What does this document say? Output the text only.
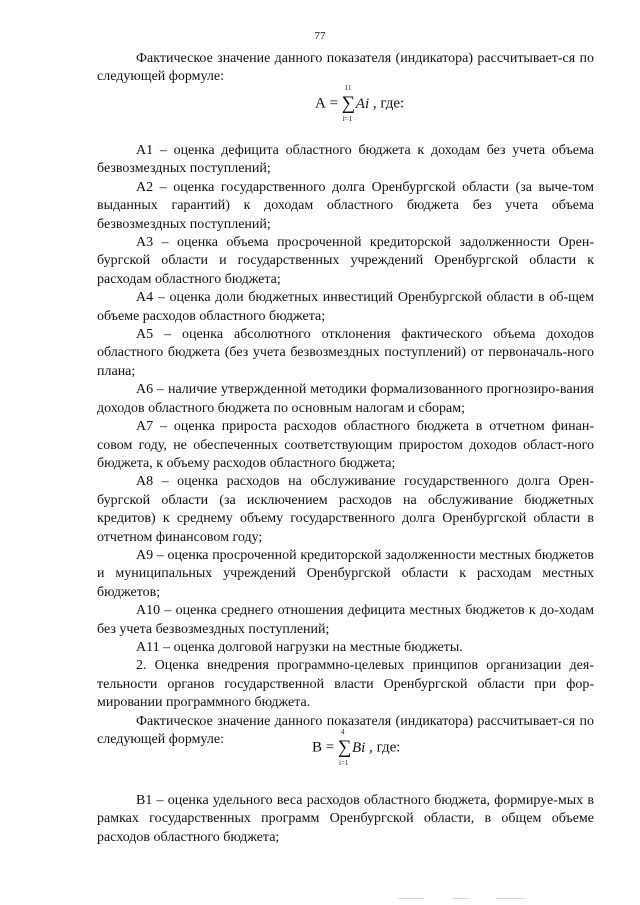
77

Фактическое значение данного показателя (индикатора) рассчитывает-ся по следующей формуле:

А =
11
∑
i=1
Ai , где:

А1 – оценка дефицита областного бюджета к доходам без учета объема безвозмездных поступлений;

А2 – оценка государственного долга Оренбургской области (за выче-том выданных гарантий) к доходам областного бюджета без учета объема безвозмездных поступлений;

А3 – оценка объема просроченной кредиторской задолженности Орен-бургской области и государственных учреждений Оренбургской области к расходам областного бюджета;

А4 – оценка доли бюджетных инвестиций Оренбургской области в об-щем объеме расходов областного бюджета;

А5 – оценка абсолютного отклонения фактического объема доходов областного бюджета (без учета безвозмездных поступлений) от первоначаль-ного плана;

А6 – наличие утвержденной методики формализованного прогнозиро-вания доходов областного бюджета по основным налогам и сборам;

А7 – оценка прироста расходов областного бюджета в отчетном финан-совом году, не обеспеченных соответствующим приростом доходов област-ного бюджета, к объему расходов областного бюджета;

А8 – оценка расходов на обслуживание государственного долга Орен-бургской области (за исключением расходов на обслуживание бюджетных кредитов) к среднему объему государственного долга Оренбургской области в отчетном финансовом году;

А9 – оценка просроченной кредиторской задолженности местных бюджетов и муниципальных учреждений Оренбургской области к расходам местных бюджетов;

А10 – оценка среднего отношения дефицита местных бюджетов к до-ходам без учета безвозмездных поступлений;

А11 – оценка долговой нагрузки на местные бюджеты.

2. Оценка внедрения программно-целевых принципов организации дея-тельности органов государственной власти Оренбургской области при фор-мировании программного бюджета.

Фактическое значение данного показателя (индикатора) рассчитывает-ся по следующей формуле:	В =
4
∑
i=1
Bi , где:

В1 – оценка удельного веса расходов областного бюджета, формируе-мых в рамках государственных программ Оренбургской области, в общем объеме расходов областного бюджета;
